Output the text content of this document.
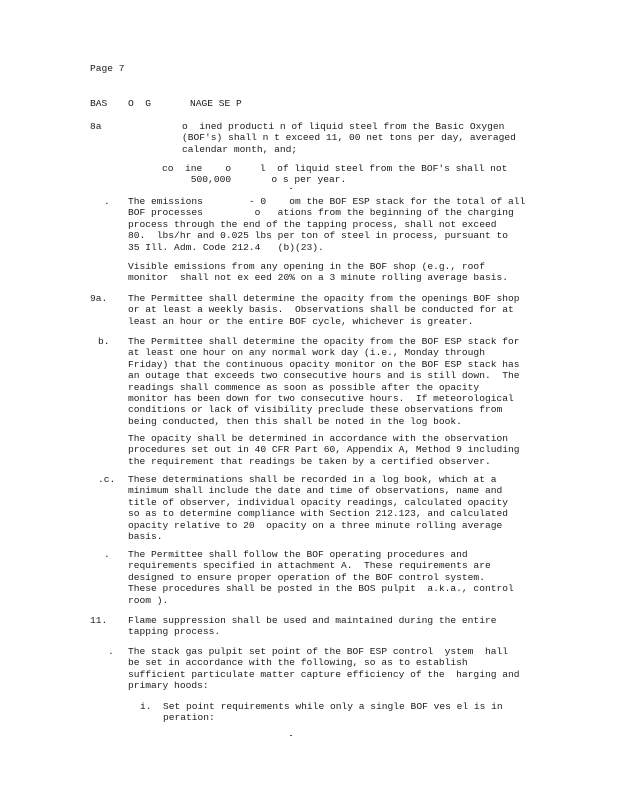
Page 7
BAS O  G	NAGE SE P
8a	o  ined producti n of liquid steel from the Basic Oxygen
(BOF's) shall n t exceed 11, 00 net tons per day, averaged
calendar month, and;
co  ine    o     l  of liquid steel from the BOF's shall not
500,000       o s per year.
. The emissions        - 0    om the BOF ESP stack for the total of all
BOF processes         o   ations from the beginning of the charging
process through the end of the tapping process, shall not exceed
80.  lbs/hr and 0.025 lbs per ton of steel in process, pursuant to
35 Ill. Adm. Code 212.4   (b)(23).
Visible emissions from any opening in the BOF shop (e.g., roof
monitor  shall not ex eed 20% on a 3 minute rolling average basis.
9a. The Permittee shall determine the opacity from the openings BOF shop
or at least a weekly basis.  Observations shall be conducted for at
least an hour or the entire BOF cycle, whichever is greater.
b. The Permittee shall determine the opacity from the BOF ESP stack for
at least one hour on any normal work day (i.e., Monday through
Friday) that the continuous opacity monitor on the BOF ESP stack has
an outage that exceeds two consecutive hours and is still down.  The
readings shall commence as soon as possible after the opacity
monitor has been down for two consecutive hours.  If meteorological
conditions or lack of visibility preclude these observations from
being conducted, then this shall be noted in the log book.
The opacity shall be determined in accordance with the observation
procedures set out in 40 CFR Part 60, Appendix A, Method 9 including
the requirement that readings be taken by a certified observer.
.c. These determinations shall be recorded in a log book, which at a
minimum shall include the date and time of observations, name and
title of observer, individual opacity readings, calculated opacity
so as to determine compliance with Section 212.123, and calculated
opacity relative to 20  opacity on a three minute rolling average
basis.
. The Permittee shall follow the BOF operating procedures and
requirements specified in attachment A.  These requirements are
designed to ensure proper operation of the BOF control system.
These procedures shall be posted in the BOS pulpit  a.k.a., control
room ).
11. Flame suppression shall be used and maintained during the entire
tapping process.
. The stack gas pulpit set point of the BOF ESP control  ystem  hall
be set in accordance with the following, so as to establish
sufficient particulate matter capture efficiency of the  harging and
primary hoods:
i. Set point requirements while only a single BOF ves el is in
peration:
